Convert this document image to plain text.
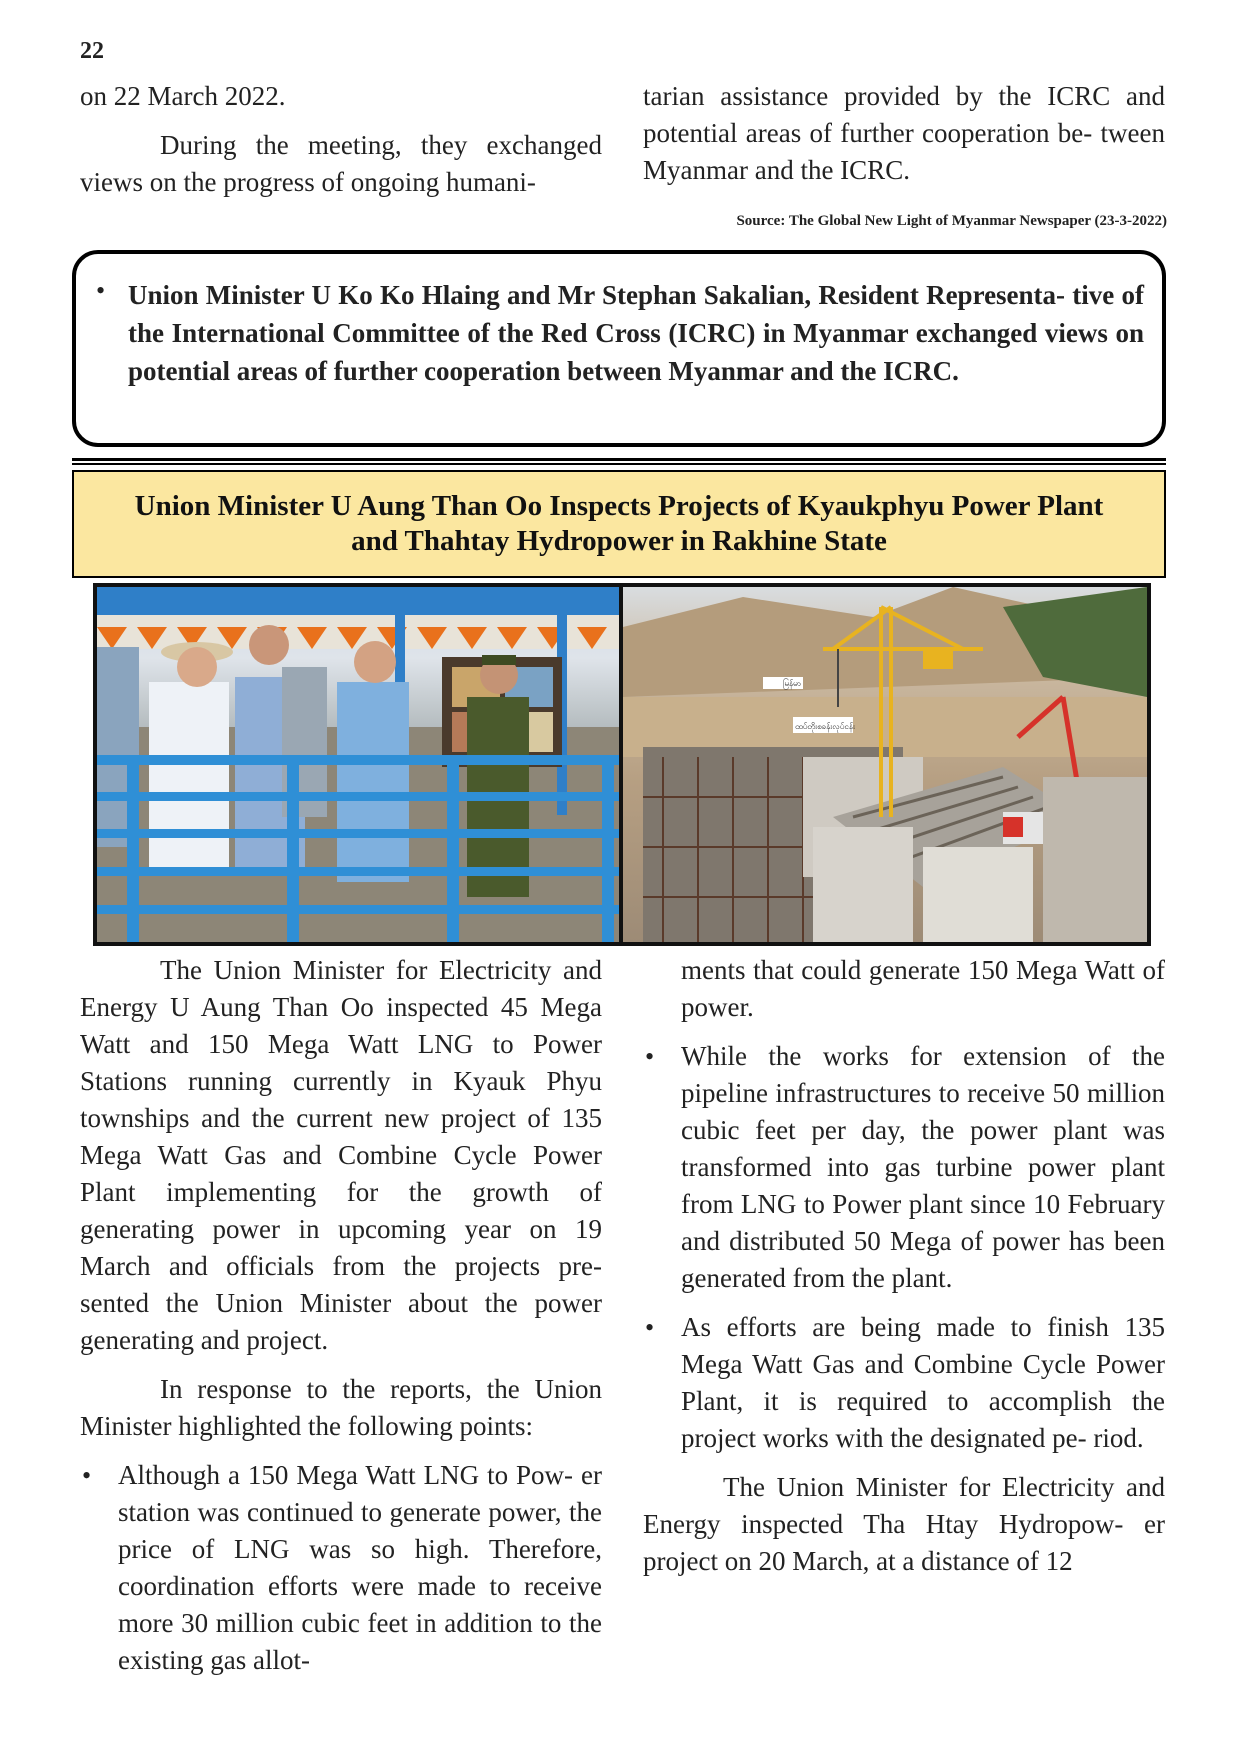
22

on 22 March 2022.

During the meeting, they exchanged views on the progress of ongoing humani-

tarian assistance provided by the ICRC and potential areas of further cooperation be- tween Myanmar and the ICRC.

Source: The Global New Light of Myanmar Newspaper (23-3-2022)
• Union Minister U Ko Ko Hlaing and Mr Stephan Sakalian, Resident Representa- tive of the International Committee of the Red Cross (ICRC) in Myanmar exchanged views on potential areas of further cooperation between Myanmar and the ICRC.
Union Minister U Aung Than Oo Inspects Projects of Kyaukphyu Power Plant
and Thahtay Hydropower in Rakhine State
မြန်မာ
ထပ်တိုးစခန်းလုပ်ငန်း

The Union Minister for Electricity and Energy U Aung Than Oo inspected 45 Mega Watt and 150 Mega Watt LNG to Power Stations running currently in Kyauk Phyu townships and the current new project of 135 Mega Watt Gas and Combine Cycle Power Plant implementing for the growth of generating power in upcoming year on 19 March and officials from the projects pre- sented the Union Minister about the power generating and project.

In response to the reports, the Union Minister highlighted the following points:

• Although a 150 Mega Watt LNG to Pow- er station was continued to generate power, the price of LNG was so high. Therefore, coordination efforts were made to receive more 30 million cubic feet in addition to the existing gas allot-

ments that could generate 150 Mega Watt of power.

• While the works for extension of the pipeline infrastructures to receive 50 million cubic feet per day, the power plant was transformed into gas turbine power plant from LNG to Power plant since 10 February and distributed 50 Mega of power has been generated from the plant.
• As efforts are being made to finish 135 Mega Watt Gas and Combine Cycle Power Plant, it is required to accomplish the project works with the designated pe- riod.

The Union Minister for Electricity and Energy inspected Tha Htay Hydropow- er project on 20 March, at a distance of 12
